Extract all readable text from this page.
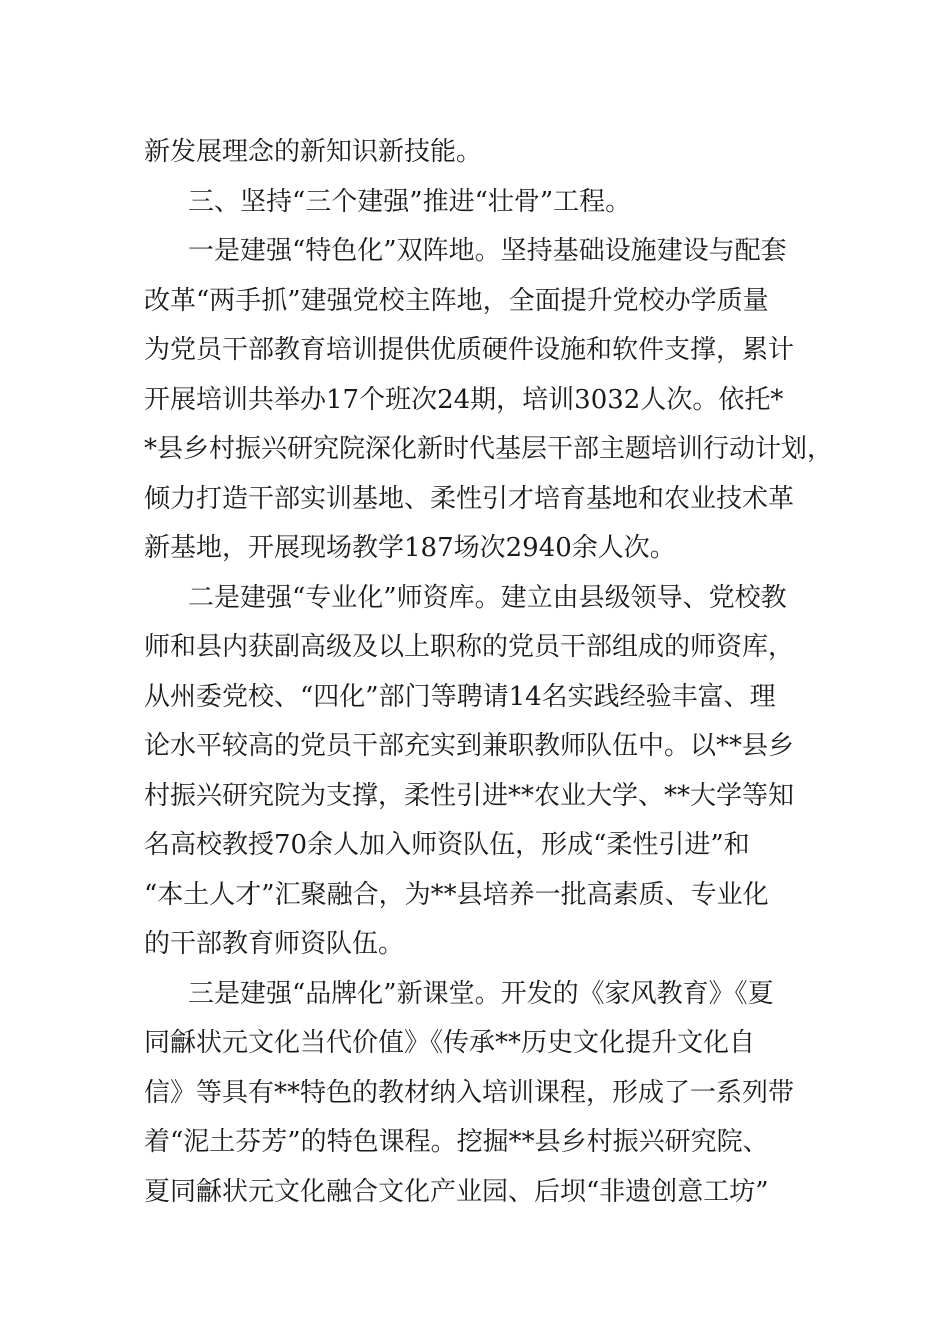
新发展理念的新知识新技能。
三、坚持“三个建强”推进“壮骨”工程。
一是建强“特色化”双阵地。坚持基础设施建设与配套
改革“两手抓”建强党校主阵地，全面提升党校办学质量
为党员干部教育培训提供优质硬件设施和软件支撑，累计
开展培训共举办17个班次24期，培训3032人次。依托*
*县乡村振兴研究院深化新时代基层干部主题培训行动计划，
倾力打造干部实训基地、柔性引才培育基地和农业技术革
新基地，开展现场教学187场次2940余人次。
二是建强“专业化”师资库。建立由县级领导、党校教
师和县内获副高级及以上职称的党员干部组成的师资库，
从州委党校、“四化”部门等聘请14名实践经验丰富、理
论水平较高的党员干部充实到兼职教师队伍中。以**县乡
村振兴研究院为支撑，柔性引进**农业大学、**大学等知
名高校教授70余人加入师资队伍，形成“柔性引进”和
“本土人才”汇聚融合，为**县培养一批高素质、专业化
的干部教育师资队伍。
三是建强“品牌化”新课堂。开发的《家风教育》《夏
同龢状元文化当代价值》《传承**历史文化提升文化自
信》等具有**特色的教材纳入培训课程，形成了一系列带
着“泥土芬芳”的特色课程。挖掘**县乡村振兴研究院、
夏同龢状元文化融合文化产业园、后坝“非遗创意工坊”
